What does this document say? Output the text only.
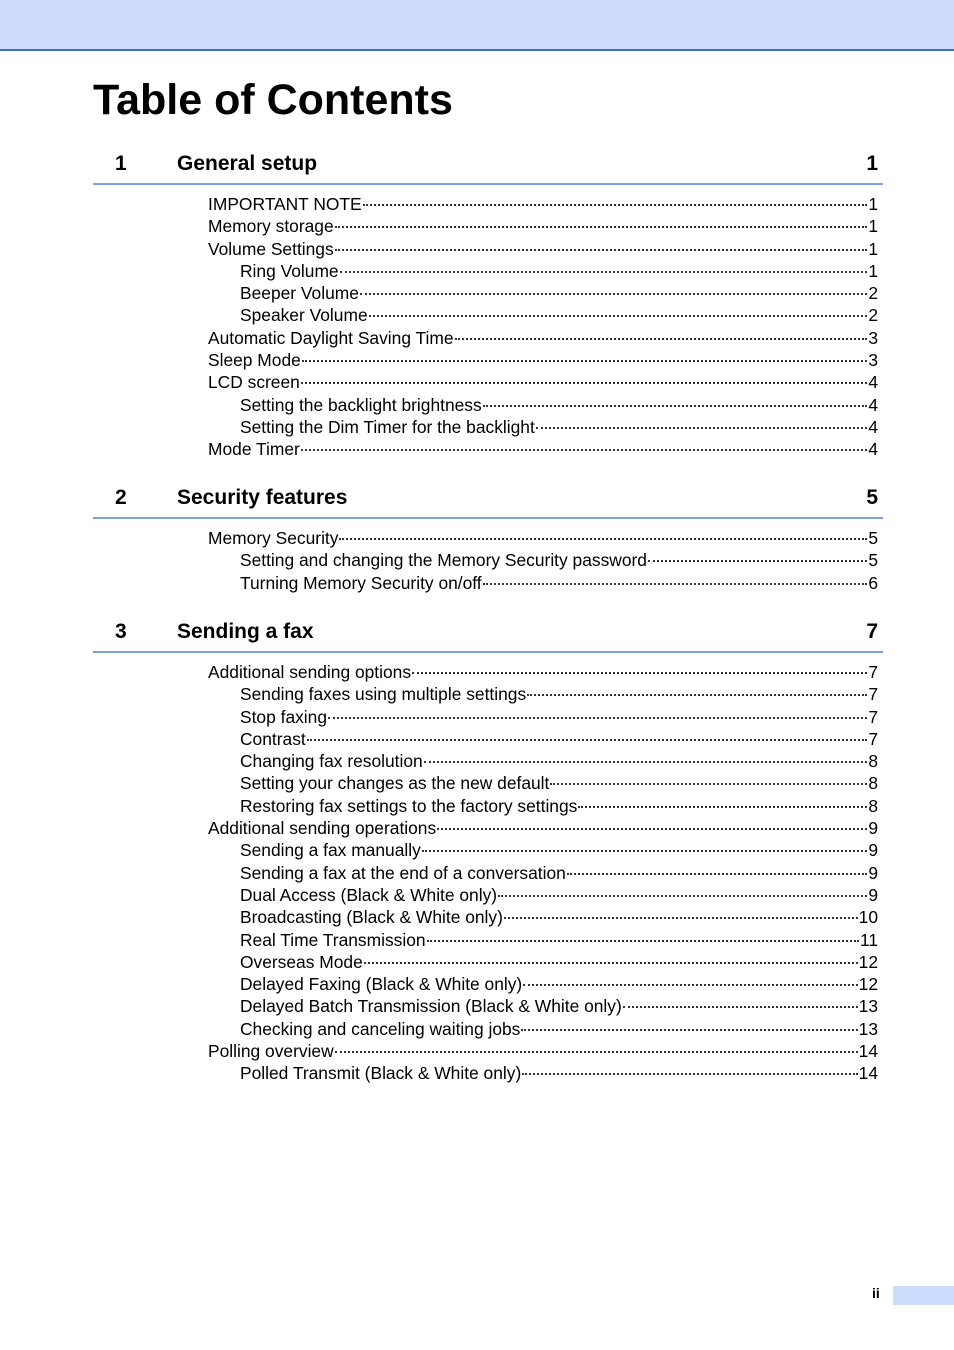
Table of Contents
1 General setup	1
IMPORTANT NOTE	1
Memory storage	1
Volume Settings	1
Ring Volume	1
Beeper Volume	2
Speaker Volume	2
Automatic Daylight Saving Time	3
Sleep Mode	3
LCD screen	4
Setting the backlight brightness	4
Setting the Dim Timer for the backlight	4
Mode Timer	4
2 Security features	5
Memory Security	5
Setting and changing the Memory Security password	5
Turning Memory Security on/off	6
3 Sending a fax	7
Additional sending options	7
Sending faxes using multiple settings	7
Stop faxing	7
Contrast	7
Changing fax resolution	8
Setting your changes as the new default	8
Restoring fax settings to the factory settings	8
Additional sending operations	9
Sending a fax manually	9
Sending a fax at the end of a conversation	9
Dual Access (Black & White only)	9
Broadcasting (Black & White only)	10
Real Time Transmission	11
Overseas Mode	12
Delayed Faxing (Black & White only)	12
Delayed Batch Transmission (Black & White only)	13
Checking and canceling waiting jobs	13
Polling overview	14
Polled Transmit (Black & White only)	14
ii
